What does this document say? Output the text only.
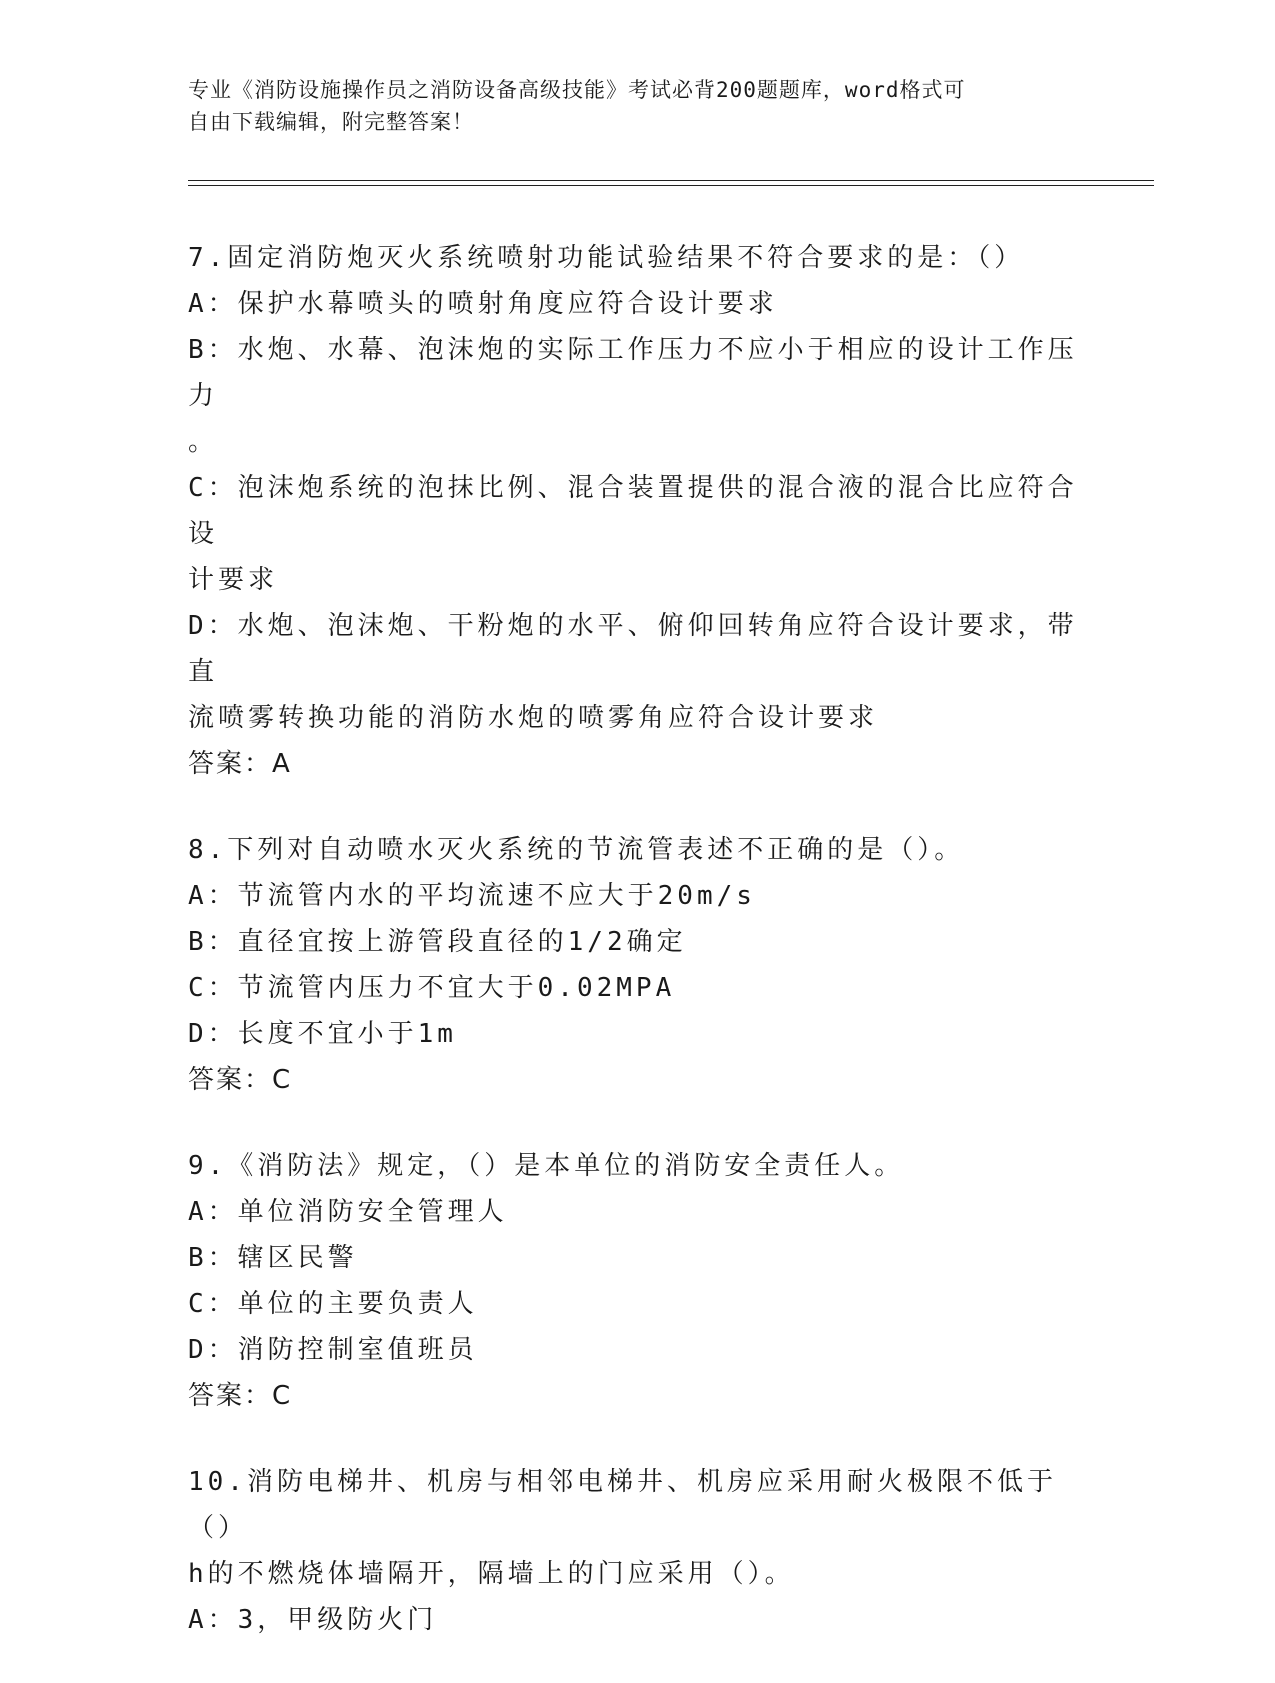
专业《消防设施操作员之消防设备高级技能》考试必背200题题库，word格式可
自由下载编辑，附完整答案！
7.固定消防炮灭火系统喷射功能试验结果不符合要求的是：（）
A：保护水幕喷头的喷射角度应符合设计要求
B：水炮、水幕、泡沫炮的实际工作压力不应小于相应的设计工作压力
。
C：泡沫炮系统的泡抹比例、混合装置提供的混合液的混合比应符合设
计要求
D：水炮、泡沫炮、干粉炮的水平、俯仰回转角应符合设计要求，带直
流喷雾转换功能的消防水炮的喷雾角应符合设计要求
答案：A
8.下列对自动喷水灭火系统的节流管表述不正确的是（）。
A：节流管内水的平均流速不应大于20m/s
B：直径宜按上游管段直径的1/2确定
C：节流管内压力不宜大于0.02MPA
D：长度不宜小于1m
答案：C
9.《消防法》规定，（）是本单位的消防安全责任人。
A：单位消防安全管理人
B：辖区民警
C：单位的主要负责人
D：消防控制室值班员
答案：C
10.消防电梯井、机房与相邻电梯井、机房应采用耐火极限不低于（）
h的不燃烧体墙隔开，隔墙上的门应采用（）。
A：3，甲级防火门
